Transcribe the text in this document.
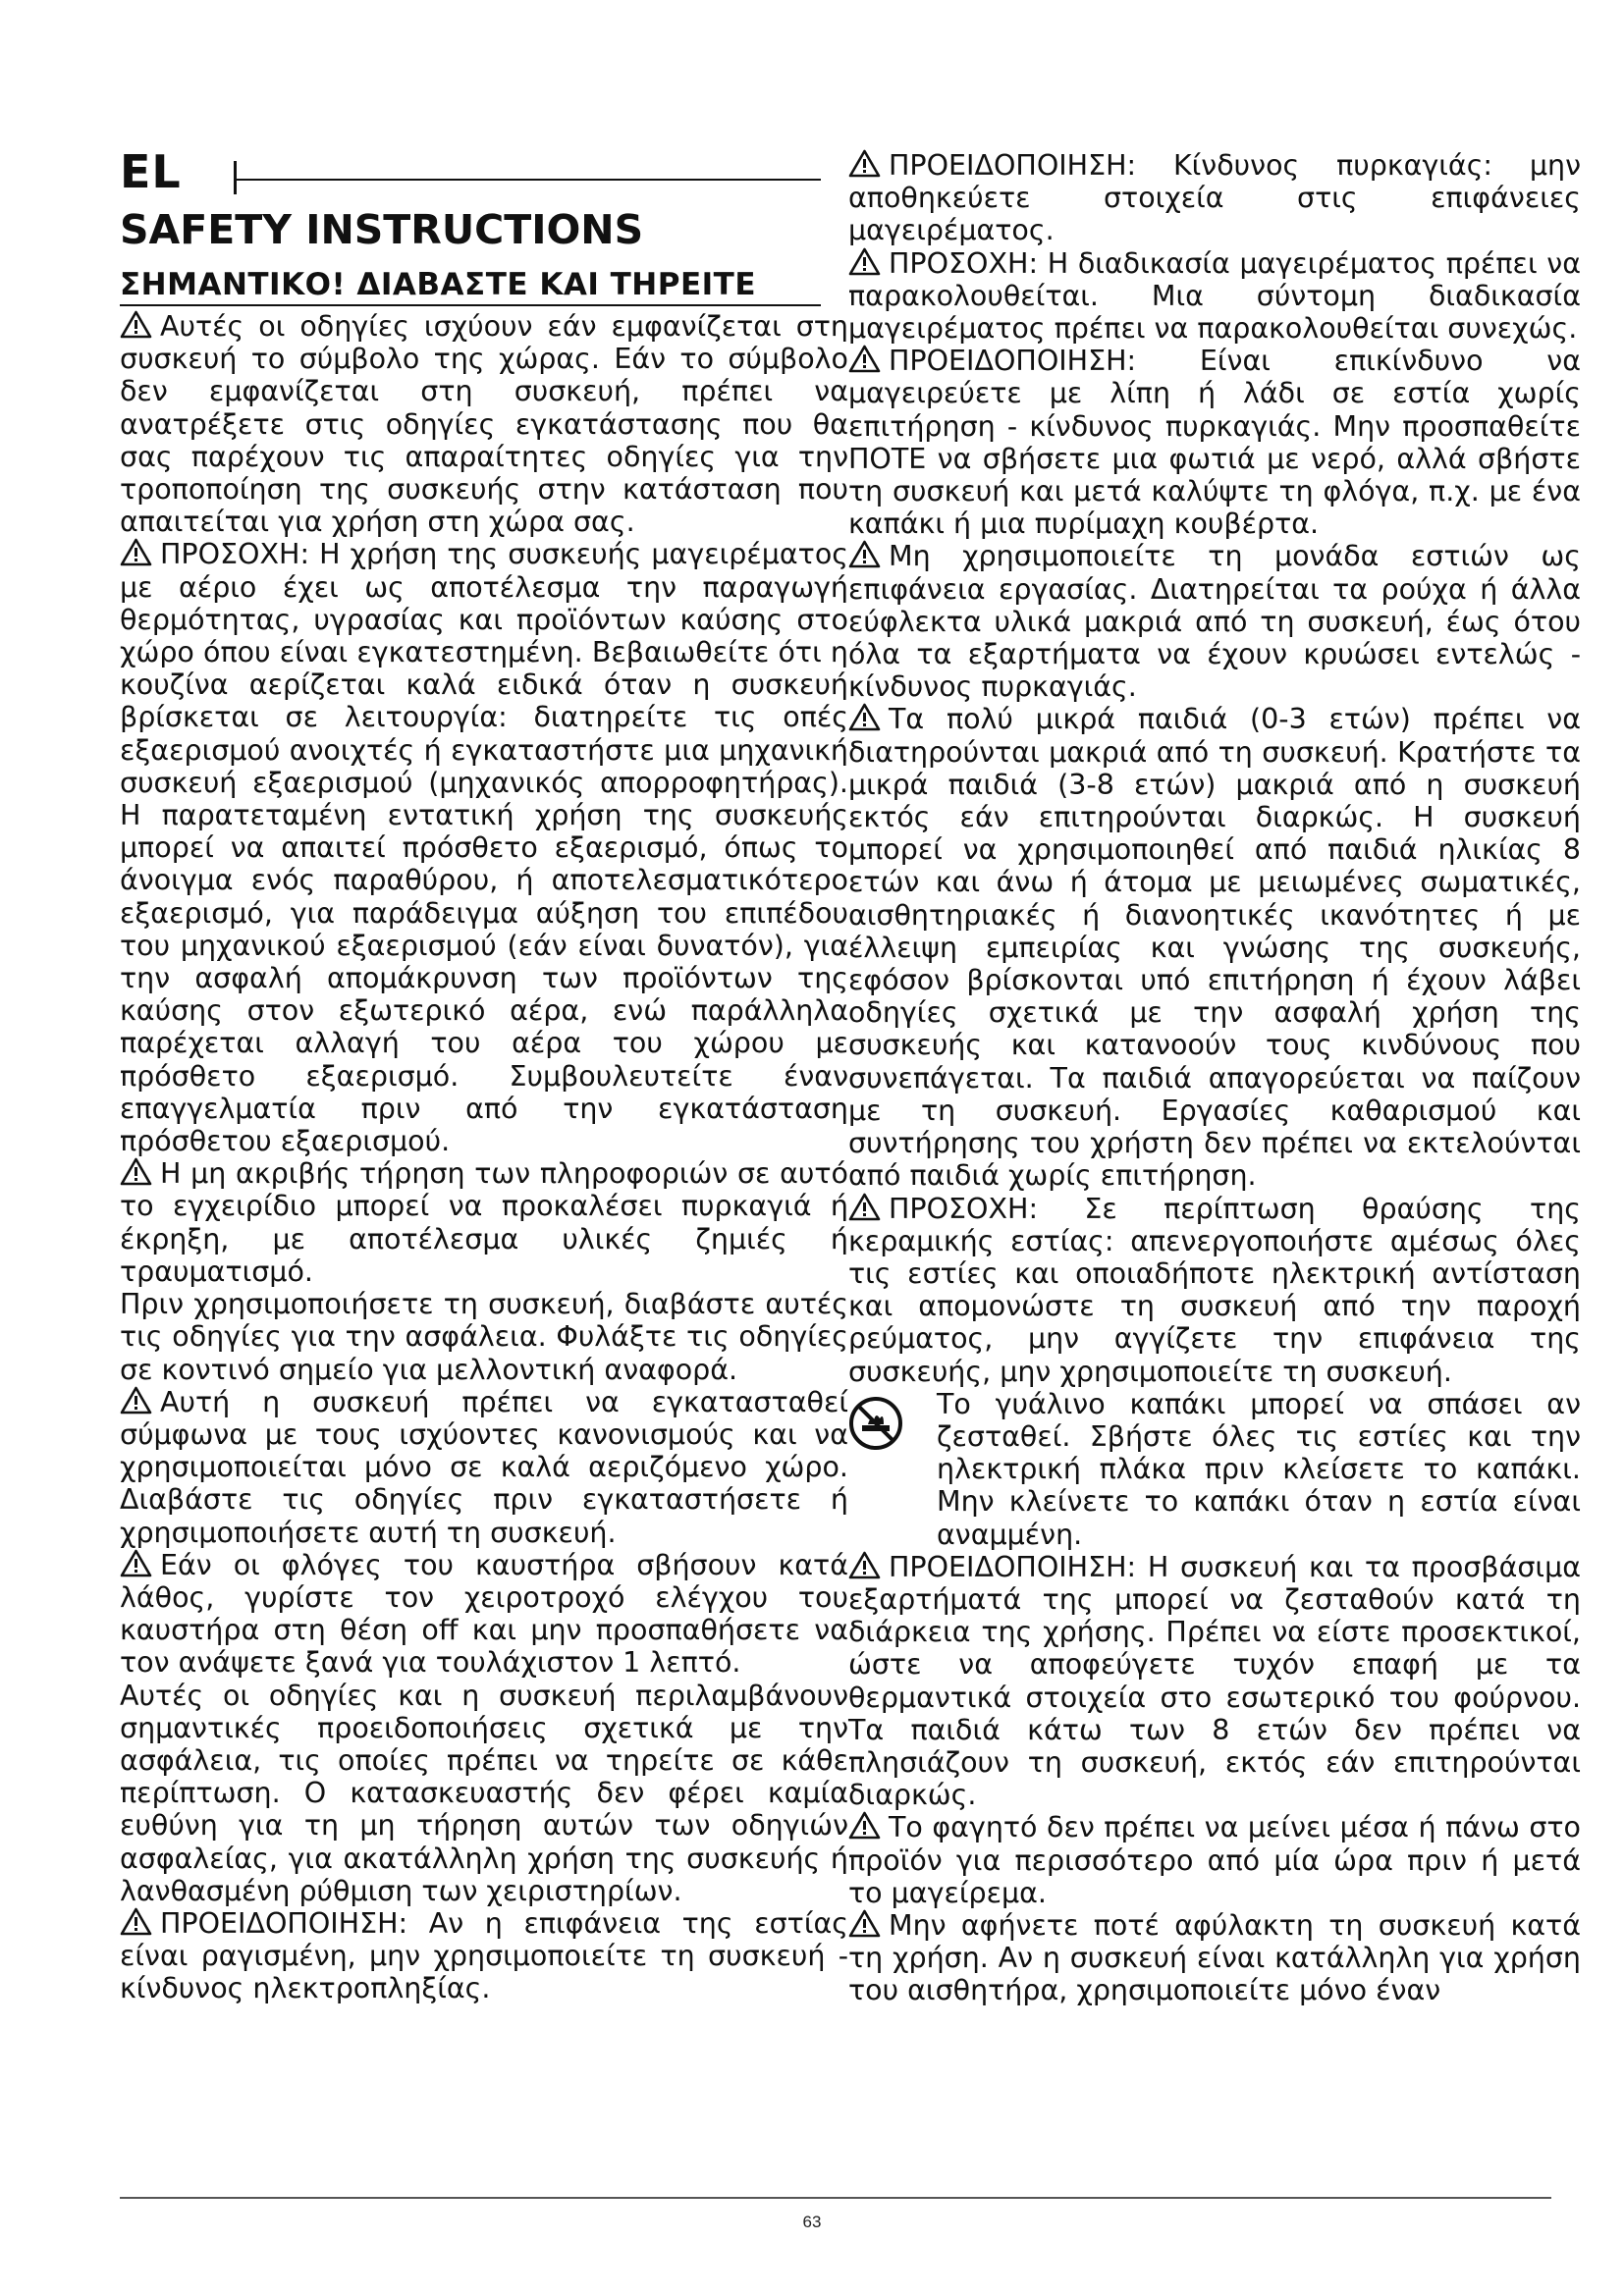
EL
SAFETY INSTRUCTIONS

ΣΗΜΑΝΤΙΚΟ! ΔΙΑΒΑΣΤΕ ΚΑΙ ΤΗΡΕΙΤΕ

Αυτές οι οδηγίες ισχύουν εάν εμφανίζεται στη συσκευή το σύμβολο της χώρας. Εάν το σύμβολο δεν εμφανίζεται στη συσκευή, πρέπει να ανατρέξετε στις οδηγίες εγκατάστασης που θα σας παρέχουν τις απαραίτητες οδηγίες για την τροποποίηση της συσκευής στην κατάσταση που απαιτείται για χρήση στη χώρα σας.

ΠΡΟΣΟΧΗ: Η χρήση της συσκευής μαγειρέματος με αέριο έχει ως αποτέλεσμα την παραγωγή θερμότητας, υγρασίας και προϊόντων καύσης στο χώρο όπου είναι εγκατεστημένη. Βεβαιωθείτε ότι η κουζίνα αερίζεται καλά ειδικά όταν η συσκευή βρίσκεται σε λειτουργία: διατηρείτε τις οπές εξαερισμού ανοιχτές ή εγκαταστήστε μια μηχανική συσκευή εξαερισμού (μηχανικός απορροφητήρας). Η παρατεταμένη εντατική χρήση της συσκευής μπορεί να απαιτεί πρόσθετο εξαερισμό, όπως το άνοιγμα ενός παραθύρου, ή αποτελεσματικότερο εξαερισμό, για παράδειγμα αύξηση του επιπέδου του μηχανικού εξαερισμού (εάν είναι δυνατόν), για την ασφαλή απομάκρυνση των προϊόντων της καύσης στον εξωτερικό αέρα, ενώ παράλληλα παρέχεται αλλαγή του αέρα του χώρου με πρόσθετο εξαερισμό. Συμβουλευτείτε έναν επαγγελματία πριν από την εγκατάσταση πρόσθετου εξαερισμού.

Η μη ακριβής τήρηση των πληροφοριών σε αυτό το εγχειρίδιο μπορεί να προκαλέσει πυρκαγιά ή έκρηξη, με αποτέλεσμα υλικές ζημιές ή τραυματισμό.

Πριν χρησιμοποιήσετε τη συσκευή, διαβάστε αυτές τις οδηγίες για την ασφάλεια. Φυλάξτε τις οδηγίες σε κοντινό σημείο για μελλοντική αναφορά.

Αυτή η συσκευή πρέπει να εγκατασταθεί σύμφωνα με τους ισχύοντες κανονισμούς και να χρησιμοποιείται μόνο σε καλά αεριζόμενο χώρο. Διαβάστε τις οδηγίες πριν εγκαταστήσετε ή χρησιμοποιήσετε αυτή τη συσκευή.

Εάν οι φλόγες του καυστήρα σβήσουν κατά λάθος, γυρίστε τον χειροτροχό ελέγχου του καυστήρα στη θέση off και μην προσπαθήσετε να τον ανάψετε ξανά για τουλάχιστον 1 λεπτό.

Αυτές οι οδηγίες και η συσκευή περιλαμβάνουν σημαντικές προειδοποιήσεις σχετικά με την ασφάλεια, τις οποίες πρέπει να τηρείτε σε κάθε περίπτωση. Ο κατασκευαστής δεν φέρει καμία ευθύνη για τη μη τήρηση αυτών των οδηγιών ασφαλείας, για ακατάλληλη χρήση της συσκευής ή λανθασμένη ρύθμιση των χειριστηρίων.

ΠΡΟΕΙΔΟΠΟΙΗΣΗ: Αν η επιφάνεια της εστίας είναι ραγισμένη, μην χρησιμοποιείτε τη συσκευή - κίνδυνος ηλεκτροπληξίας.

ΠΡΟΕΙΔΟΠΟΙΗΣΗ: Κίνδυνος πυρκαγιάς: μην αποθηκεύετε στοιχεία στις επιφάνειες μαγειρέματος.

ΠΡΟΣΟΧΗ: Η διαδικασία μαγειρέματος πρέπει να παρακολουθείται. Μια σύντομη διαδικασία μαγειρέματος πρέπει να παρακολουθείται συνεχώς.

ΠΡΟΕΙΔΟΠΟΙΗΣΗ: Είναι επικίνδυνο να μαγειρεύετε με λίπη ή λάδι σε εστία χωρίς επιτήρηση - κίνδυνος πυρκαγιάς. Μην προσπαθείτε ΠΟΤΕ να σβήσετε μια φωτιά με νερό, αλλά σβήστε τη συσκευή και μετά καλύψτε τη φλόγα, π.χ. με ένα καπάκι ή μια πυρίμαχη κουβέρτα.

Μη χρησιμοποιείτε τη μονάδα εστιών ως επιφάνεια εργασίας. Διατηρείται τα ρούχα ή άλλα εύφλεκτα υλικά μακριά από τη συσκευή, έως ότου όλα τα εξαρτήματα να έχουν κρυώσει εντελώς - κίνδυνος πυρκαγιάς.

Τα πολύ μικρά παιδιά (0-3 ετών) πρέπει να διατηρούνται μακριά από τη συσκευή. Κρατήστε τα μικρά παιδιά (3-8 ετών) μακριά από η συσκευή εκτός εάν επιτηρούνται διαρκώς. Η συσκευή μπορεί να χρησιμοποιηθεί από παιδιά ηλικίας 8 ετών και άνω ή άτομα με μειωμένες σωματικές, αισθητηριακές ή διανοητικές ικανότητες ή με έλλειψη εμπειρίας και γνώσης της συσκευής, εφόσον βρίσκονται υπό επιτήρηση ή έχουν λάβει οδηγίες σχετικά με την ασφαλή χρήση της συσκευής και κατανοούν τους κινδύνους που συνεπάγεται. Τα παιδιά απαγορεύεται να παίζουν με τη συσκευή. Εργασίες καθαρισμού και συντήρησης του χρήστη δεν πρέπει να εκτελούνται από παιδιά χωρίς επιτήρηση.

ΠΡΟΣΟΧΗ: Σε περίπτωση θραύσης της κεραμικής εστίας: απενεργοποιήστε αμέσως όλες τις εστίες και οποιαδήποτε ηλεκτρική αντίσταση και απομονώστε τη συσκευή από την παροχή ρεύματος, μην αγγίζετε την επιφάνεια της συσκευής, μην χρησιμοποιείτε τη συσκευή.

Το γυάλινο καπάκι μπορεί να σπάσει αν ζεσταθεί. Σβήστε όλες τις εστίες και την ηλεκτρική πλάκα πριν κλείσετε το καπάκι. Μην κλείνετε το καπάκι όταν η εστία είναι αναμμένη.

ΠΡΟΕΙΔΟΠΟΙΗΣΗ: Η συσκευή και τα προσβάσιμα εξαρτήματά της μπορεί να ζεσταθούν κατά τη διάρκεια της χρήσης. Πρέπει να είστε προσεκτικοί, ώστε να αποφεύγετε τυχόν επαφή με τα θερμαντικά στοιχεία στο εσωτερικό του φούρνου. Τα παιδιά κάτω των 8 ετών δεν πρέπει να πλησιάζουν τη συσκευή, εκτός εάν επιτηρούνται διαρκώς.

Το φαγητό δεν πρέπει να μείνει μέσα ή πάνω στο προϊόν για περισσότερο από μία ώρα πριν ή μετά το μαγείρεμα.

Μην αφήνετε ποτέ αφύλακτη τη συσκευή κατά τη χρήση. Αν η συσκευή είναι κατάλληλη για χρήση του αισθητήρα, χρησιμοποιείτε μόνο έναν

63
